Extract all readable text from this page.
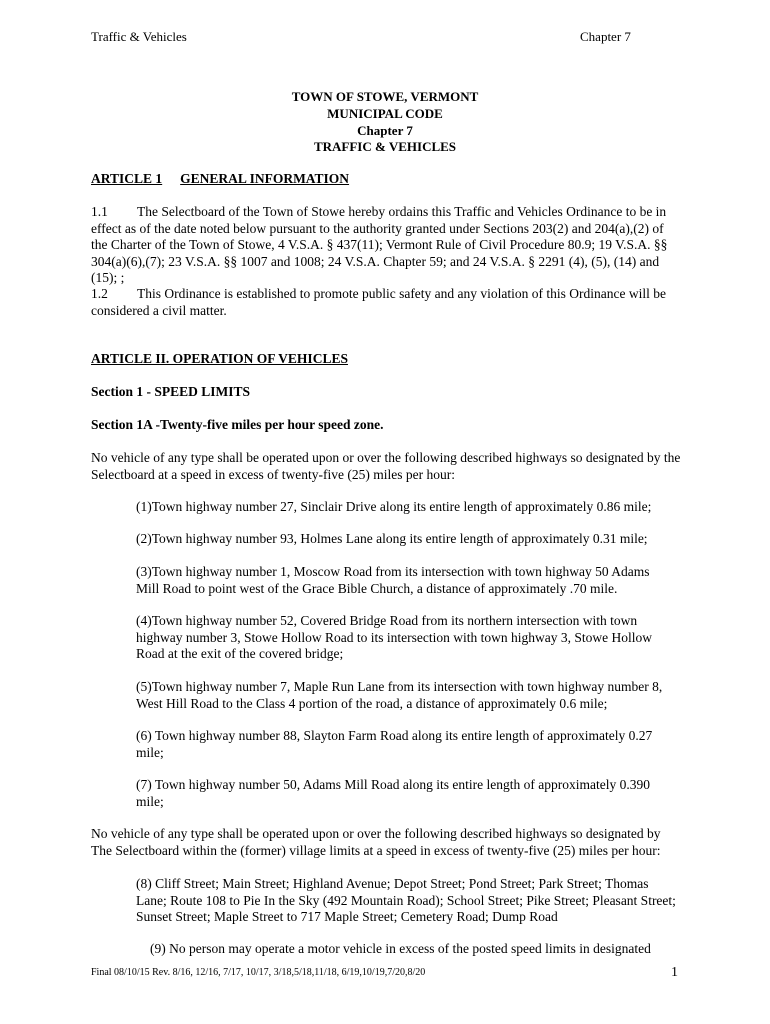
Traffic & Vehicles	Chapter 7
TOWN OF STOWE, VERMONT
MUNICIPAL CODE
Chapter 7
TRAFFIC & VEHICLES
ARTICLE 1 GENERAL INFORMATION
1.1 The Selectboard of the Town of Stowe hereby ordains this Traffic and Vehicles Ordinance to be in effect as of the date noted below pursuant to the authority granted under Sections 203(2) and 204(a),(2) of the Charter of the Town of Stowe, 4 V.S.A. § 437(11); Vermont Rule of Civil Procedure 80.9; 19 V.S.A. §§ 304(a)(6),(7); 23 V.S.A. §§ 1007 and 1008; 24 V.S.A. Chapter 59; and 24 V.S.A. § 2291 (4), (5), (14) and (15); ;
1.2 This Ordinance is established to promote public safety and any violation of this Ordinance will be considered a civil matter.
ARTICLE II. OPERATION OF VEHICLES
Section 1 - SPEED LIMITS
Section 1A -Twenty-five miles per hour speed zone.
No vehicle of any type shall be operated upon or over the following described highways so designated by the Selectboard at a speed in excess of twenty-five (25) miles per hour:
(1)Town highway number 27, Sinclair Drive along its entire length of approximately 0.86 mile;
(2)Town highway number 93, Holmes Lane along its entire length of approximately 0.31 mile;
(3)Town highway number 1, Moscow Road from its intersection with town highway 50 Adams Mill Road to point west of the Grace Bible Church, a distance of approximately .70 mile.
(4)Town highway number 52, Covered Bridge Road from its northern intersection with town highway number 3, Stowe Hollow Road to its intersection with town highway 3, Stowe Hollow Road at the exit of the covered bridge;
(5)Town highway number 7, Maple Run Lane from its intersection with town highway number 8, West Hill Road to the Class 4 portion of the road, a distance of approximately 0.6 mile;
(6) Town highway number 88, Slayton Farm Road along its entire length of approximately 0.27 mile;
(7) Town highway number 50, Adams Mill Road along its entire length of approximately 0.390 mile;
No vehicle of any type shall be operated upon or over the following described highways so designated by The Selectboard within the (former) village limits at a speed in excess of twenty-five (25) miles per hour:
(8) Cliff Street; Main Street; Highland Avenue; Depot Street; Pond Street; Park Street; Thomas Lane; Route 108 to Pie In the Sky (492 Mountain Road); School Street; Pike Street; Pleasant Street; Sunset Street; Maple Street to 717 Maple Street; Cemetery Road; Dump Road
(9) No person may operate a motor vehicle in excess of the posted speed limits in designated
Final 08/10/15 Rev. 8/16, 12/16, 7/17, 10/17, 3/18,5/18,11/18, 6/19,10/19,7/20,8/20	1
